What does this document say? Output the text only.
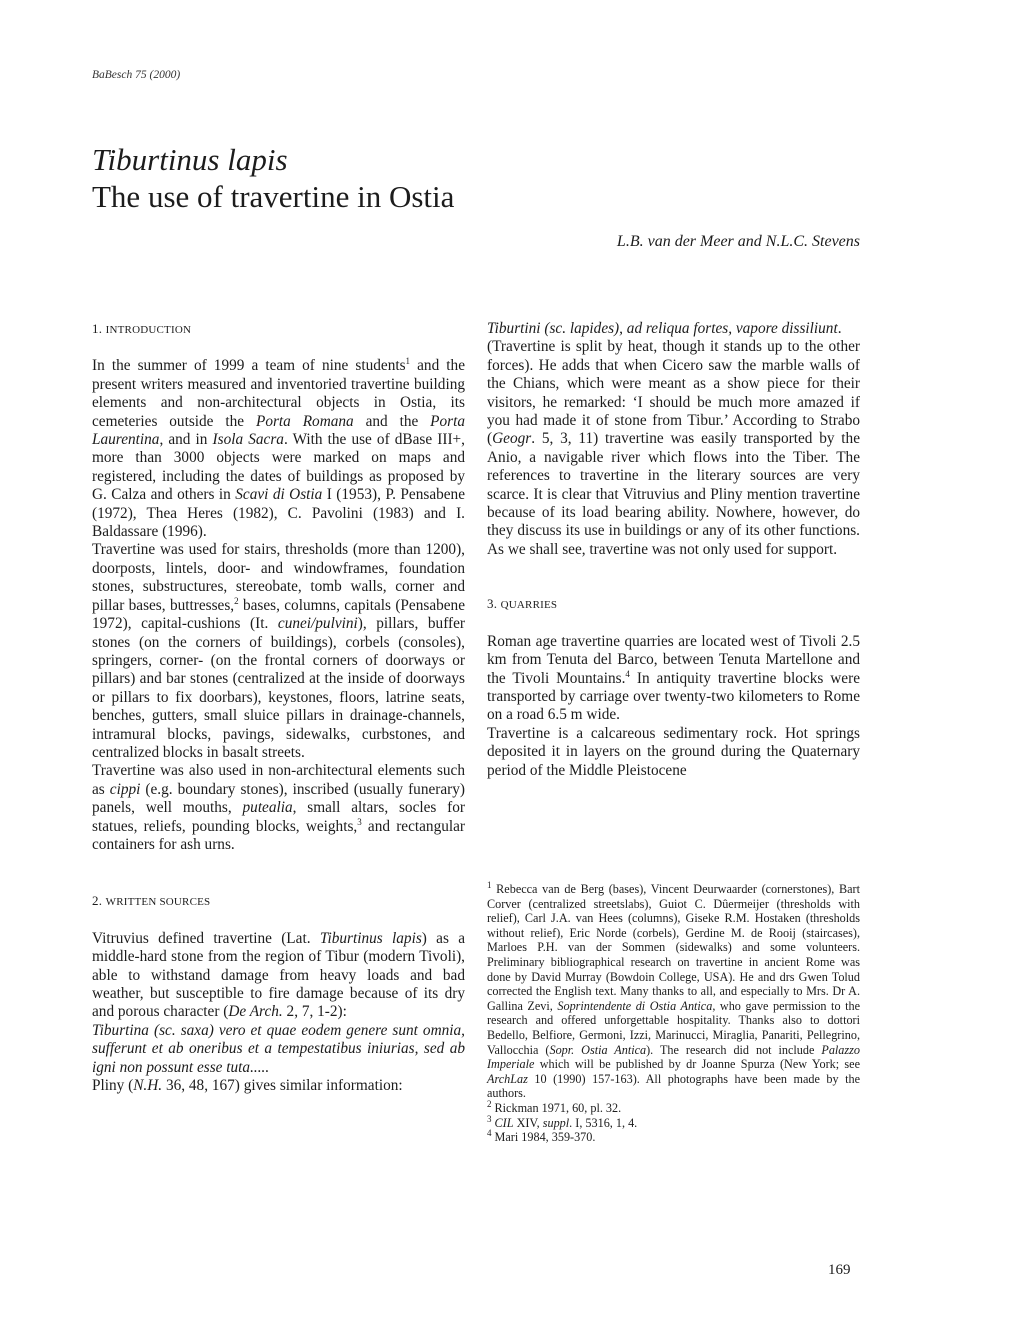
BaBesch 75 (2000)
Tiburtinus lapis
The use of travertine in Ostia
L.B. van der Meer and N.L.C. Stevens
1. INTRODUCTION

In the summer of 1999 a team of nine students$^1$ and the present writers measured and inventoried travertine building elements and non-architectural objects in Ostia, its cemeteries outside the Porta Romana and the Porta Laurentina, and in Isola Sacra. With the use of dBase III+, more than 3000 objects were marked on maps and registered, including the dates of buildings as proposed by G. Calza and others in Scavi di Ostia I (1953), P. Pensabene (1972), Thea Heres (1982), C. Pavolini (1983) and I. Baldassare (1996).

Travertine was used for stairs, thresholds (more than 1200), doorposts, lintels, door- and windowframes, foundation stones, substructures, stereobate, tomb walls, corner and pillar bases, buttresses,$^2$ bases, columns, capitals (Pensabene 1972), capital-cushions (It. cunei/pulvini), pillars, buffer stones (on the corners of buildings), corbels (consoles), springers, corner- (on the frontal corners of doorways or pillars) and bar stones (centralized at the inside of doorways or pillars to fix doorbars), keystones, floors, latrine seats, benches, gutters, small sluice pillars in drainage-channels, intramural blocks, pavings, sidewalks, curbstones, and centralized blocks in basalt streets.

Travertine was also used in non-architectural elements such as cippi (e.g. boundary stones), inscribed (usually funerary) panels, well mouths, putealia, small altars, socles for statues, reliefs, pounding blocks, weights,$^3$ and rectangular containers for ash urns.

2. WRITTEN SOURCES

Vitruvius defined travertine (Lat. Tiburtinus lapis) as a middle-hard stone from the region of Tibur (modern Tivoli), able to withstand damage from heavy loads and bad weather, but susceptible to fire damage because of its dry and porous character (De Arch. 2, 7, 1-2):

Tiburtina (sc. saxa) vero et quae eodem genere sunt omnia, sufferunt et ab oneribus et a tempestatibus iniurias, sed ab igni non possunt esse tuta.....

Pliny (N.H. 36, 48, 167) gives similar information:

Tiburtini (sc. lapides), ad reliqua fortes, vapore dissiliunt.

(Travertine is split by heat, though it stands up to the other forces). He adds that when Cicero saw the marble walls of the Chians, which were meant as a show piece for their visitors, he remarked: ‘I should be much more amazed if you had made it of stone from Tibur.’ According to Strabo (Geogr. 5, 3, 11) travertine was easily transported by the Anio, a navigable river which flows into the Tiber. The references to travertine in the literary sources are very scarce. It is clear that Vitruvius and Pliny mention travertine because of its load bearing ability. Nowhere, however, do they discuss its use in buildings or any of its other functions. As we shall see, travertine was not only used for support.

3. QUARRIES

Roman age travertine quarries are located west of Tivoli 2.5 km from Tenuta del Barco, between Tenuta Martellone and the Tivoli Mountains.$^4$ In antiquity travertine blocks were transported by carriage over twenty-two kilometers to Rome on a road 6.5 m wide.

Travertine is a calcareous sedimentary rock. Hot springs deposited it in layers on the ground during the Quaternary period of the Middle Pleistocene

$^1$ Rebecca van de Berg (bases), Vincent Deurwaarder (cornerstones), Bart Corver (centralized streetslabs), Guiot C. Dûermeijer (thresholds with relief), Carl J.A. van Hees (columns), Giseke R.M. Hostaken (thresholds without relief), Eric Norde (corbels), Gerdine M. de Rooij (staircases), Marloes P.H. van der Sommen (sidewalks) and some volunteers. Preliminary bibliographical research on travertine in ancient Rome was done by David Murray (Bowdoin College, USA). He and drs Gwen Tolud corrected the English text. Many thanks to all, and especially to Mrs. Dr A. Gallina Zevi, Soprintendente di Ostia Antica, who gave permission to the research and offered unforgettable hospitality. Thanks also to dottori Bedello, Belfiore, Germoni, Izzi, Marinucci, Miraglia, Panariti, Pellegrino, Vallocchia (Sopr. Ostia Antica). The research did not include Palazzo Imperiale which will be published by dr Joanne Spurza (New York; see ArchLaz 10 (1990) 157-163). All photographs have been made by the authors.

$^2$ Rickman 1971, 60, pl. 32.

$^3$ CIL XIV, suppl. I, 5316, 1, 4.

$^4$ Mari 1984, 359-370.

169
